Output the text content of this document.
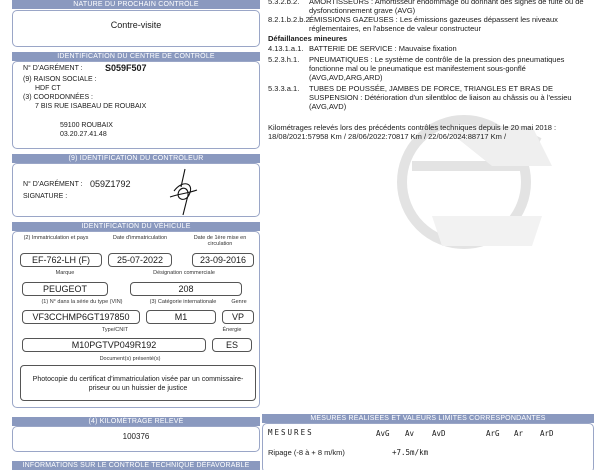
NATURE DU PROCHAIN CONTRÔLE
Contre-visite
IDENTIFICATION DU CENTRE DE CONTRÔLE
N° D'AGRÉMENT : S059F507
(9) RAISON SOCIALE :
HDF CT
(3) COORDONNÉES :
7 BIS RUE ISABEAU DE ROUBAIX
59100 ROUBAIX
03.20.27.41.48
(9) IDENTIFICATION DU CONTRÔLEUR
N° D'AGRÉMENT : 059Z1792
SIGNATURE :
IDENTIFICATION DU VÉHICULE
(2) Immatriculation et pays	Date d'immatriculation	Date de 1ère mise en circulation
EF-762-LH (F)	25-07-2022	23-09-2016
Marque	Désignation commerciale
PEUGEOT	208
(1) N° dans la série du type (VIN)	(3) Catégorie internationale	Genre
VF3CCHMP6GT197850	M1	VP
Type/CNIT	Énergie
M10PGTVP049R192	ES
Document(s) présenté(s)
Photocopie du certificat d'immatriculation visée par un commissaire-priseur ou un huissier de justice
(4) KILOMÉTRAGE RELEVÉ
100376
INFORMATIONS SUR LE CONTRÔLE TECHNIQUE DÉFAVORABLE
5.3.2.b.2.	AMORTISSEURS : Amortisseur endommagé ou donnant des signes de fuite ou de dysfonctionnement grave (AVG)
8.2.1.b.2.b.2.
ÉMISSIONS GAZEUSES : Les émissions gazeuses dépassent les niveaux réglementaires, en l'absence de valeur constructeur
Défaillances mineures
4.13.1.a.1. BATTERIE DE SERVICE : Mauvaise fixation
5.2.3.h.1.	PNEUMATIQUES : Le système de contrôle de la pression des pneumatiques fonctionne mal ou le pneumatique est manifestement sous-gonflé (AVG,AVD,ARG,ARD)
5.3.3.a.1.	TUBES DE POUSSÉE, JAMBES DE FORCE, TRIANGLES ET BRAS DE SUSPENSION : Détérioration d'un silentbloc de liaison au châssis ou à l'essieu (AVG,AVD)
Kilométrages relevés lors des précédents contrôles techniques depuis le 20 mai 2018 : 18/08/2021:57958 Km / 28/06/2022:70817 Km / 22/06/2024:88717 Km /
MESURES RÉALISÉES ET VALEURS LIMITES CORRESPONDANTES
MESURES	AvG Av AvD	ArG Ar ArD
Ripage (-8 à + 8 m/km)	+7.5m/km
